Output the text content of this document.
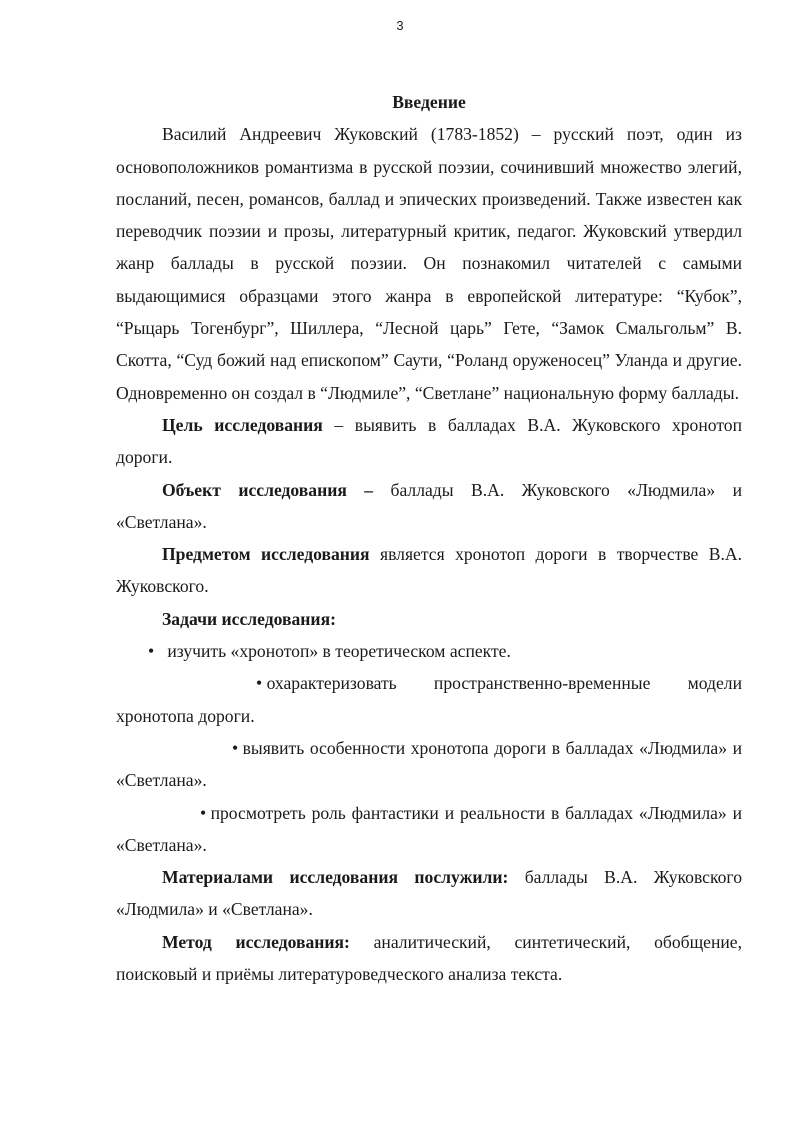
3
Введение

Василий Андреевич Жуковский (1783-1852) – русский поэт, один из основоположников романтизма в русской поэзии, сочинивший множество элегий, посланий, песен, романсов, баллад и эпических произведений. Также известен как переводчик поэзии и прозы, литературный критик, педагог. Жуковский утвердил жанр баллады в русской поэзии. Он познакомил читателей с самыми выдающимися образцами этого жанра в европейской литературе: “Кубок”, “Рыцарь Тогенбург”, Шиллера, “Лесной царь” Гете, “Замок Смальгольм” В. Скотта, “Суд божий над епископом” Саути, “Роланд оруженосец” Уланда и другие. Одновременно он создал в “Людмиле”, “Светлане” национальную форму баллады.

Цель исследования – выявить в балладах В.А. Жуковского хронотоп дороги.

Объект исследования – баллады В.А. Жуковского «Людмила» и «Светлана».

Предметом исследования является хронотоп дороги в творчестве В.А. Жуковского.

Задачи исследования:

•   изучить «хронотоп» в теоретическом аспекте.

• охарактеризовать пространственно-временные модели хронотопа дороги.

• выявить особенности хронотопа дороги в балладах «Людмила» и «Светлана».

• просмотреть роль фантастики и реальности в балладах «Людмила» и «Светлана».

Материалами исследования послужили: баллады В.А. Жуковского «Людмила» и «Светлана».

Метод исследования: аналитический, синтетический, обобщение, поисковый и приёмы литературоведческого анализа текста.
